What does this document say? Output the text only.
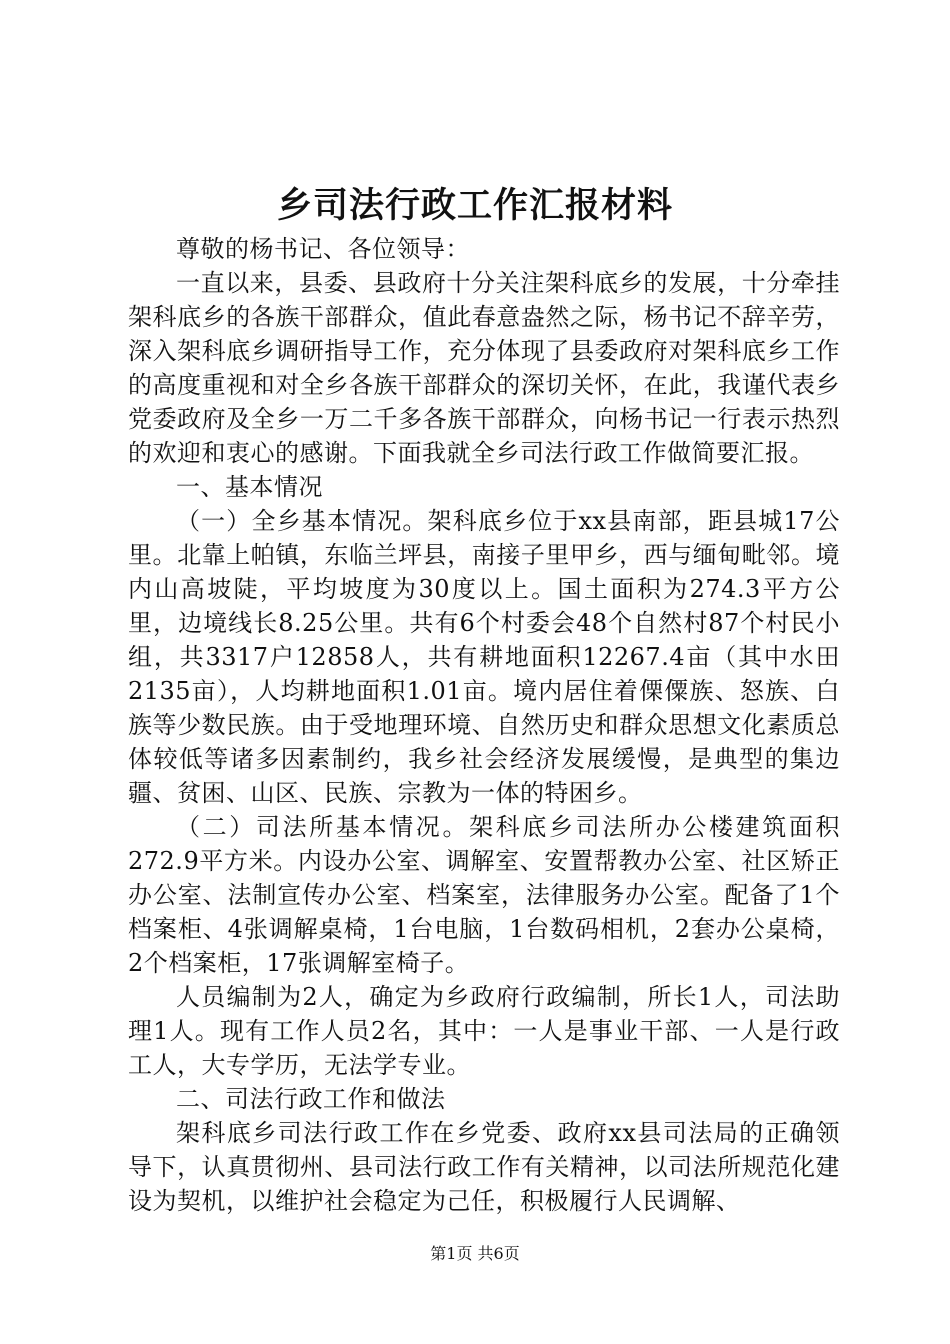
乡司法行政工作汇报材料

尊敬的杨书记、各位领导：

一直以来，县委、县政府十分关注架科底乡的发展，十分牵挂架科底乡的各族干部群众，值此春意盎然之际，杨书记不辞辛劳，深入架科底乡调研指导工作，充分体现了县委政府对架科底乡工作的高度重视和对全乡各族干部群众的深切关怀，在此，我谨代表乡党委政府及全乡一万二千多各族干部群众，向杨书记一行表示热烈的欢迎和衷心的感谢。下面我就全乡司法行政工作做简要汇报。

一、基本情况

（一）全乡基本情况。架科底乡位于xx县南部，距县城17公里。北靠上帕镇，东临兰坪县，南接子里甲乡，西与缅甸毗邻。境内山高坡陡，平均坡度为30度以上。国土面积为274.3平方公里，边境线长8.25公里。共有6个村委会48个自然村87个村民小组，共3317户12858人，共有耕地面积12267.4亩（其中水田2135亩），人均耕地面积1.01亩。境内居住着傈僳族、怒族、白族等少数民族。由于受地理环境、自然历史和群众思想文化素质总体较低等诸多因素制约，我乡社会经济发展缓慢，是典型的集边疆、贫困、山区、民族、宗教为一体的特困乡。

（二）司法所基本情况。架科底乡司法所办公楼建筑面积272.9平方米。内设办公室、调解室、安置帮教办公室、社区矫正办公室、法制宣传办公室、档案室，法律服务办公室。配备了1个档案柜、4张调解桌椅，1台电脑，1台数码相机，2套办公桌椅，2个档案柜，17张调解室椅子。

人员编制为2人，确定为乡政府行政编制，所长1人，司法助理1人。现有工作人员2名，其中：一人是事业干部、一人是行政工人，大专学历，无法学专业。

二、司法行政工作和做法

架科底乡司法行政工作在乡党委、政府xx县司法局的正确领导下，认真贯彻州、县司法行政工作有关精神，以司法所规范化建设为契机，以维护社会稳定为己任，积极履行人民调解、

第1页 共6页
